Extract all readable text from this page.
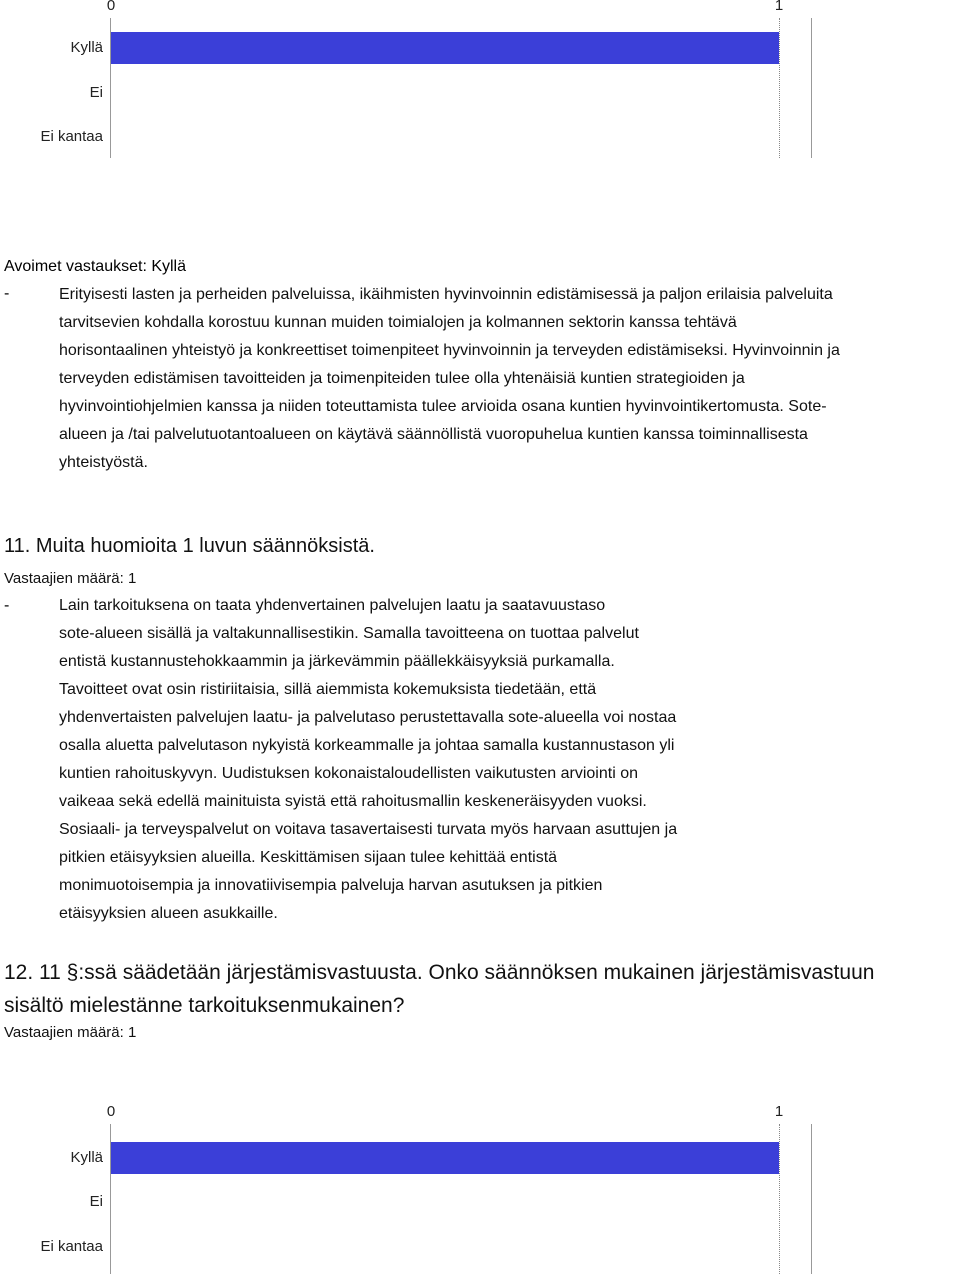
0	1
Kyllä
Ei
Ei kantaa
Avoimet vastaukset: Kyllä
-	Erityisesti lasten ja perheiden palveluissa, ikäihmisten hyvinvoinnin edistämisessä ja paljon erilaisia palveluita
tarvitsevien kohdalla korostuu kunnan muiden toimialojen ja kolmannen sektorin kanssa tehtävä
horisontaalinen yhteistyö ja konkreettiset toimenpiteet hyvinvoinnin ja terveyden edistämiseksi. Hyvinvoinnin ja
terveyden edistämisen tavoitteiden ja toimenpiteiden tulee olla yhtenäisiä kuntien strategioiden ja
hyvinvointiohjelmien kanssa ja niiden toteuttamista tulee arvioida osana kuntien hyvinvointikertomusta. Sote-
alueen ja /tai palvelutuotantoalueen on käytävä säännöllistä vuoropuhelua kuntien kanssa toiminnallisesta
yhteistyöstä.
11. Muita huomioita 1 luvun säännöksistä.
Vastaajien määrä: 1
-	Lain tarkoituksena on taata yhdenvertainen palvelujen laatu ja saatavuustaso
sote-alueen sisällä ja valtakunnallisestikin. Samalla tavoitteena on tuottaa palvelut
entistä kustannustehokkaammin ja järkevämmin päällekkäisyyksiä purkamalla.
Tavoitteet ovat osin ristiriitaisia, sillä aiemmista kokemuksista tiedetään, että
yhdenvertaisten palvelujen laatu- ja palvelutaso perustettavalla sote-alueella voi nostaa
osalla aluetta palvelutason nykyistä korkeammalle ja johtaa samalla kustannustason yli
kuntien rahoituskyvyn. Uudistuksen kokonaistaloudellisten vaikutusten arviointi on
vaikeaa sekä edellä mainituista syistä että rahoitusmallin keskeneräisyyden vuoksi.
Sosiaali- ja terveyspalvelut on voitava tasavertaisesti turvata myös harvaan asuttujen ja
pitkien etäisyyksien alueilla. Keskittämisen sijaan tulee kehittää entistä
monimuotoisempia ja innovatiivisempia palveluja harvan asutuksen ja pitkien
etäisyyksien alueen asukkaille.
12. 11 §:ssä säädetään järjestämisvastuusta. Onko säännöksen mukainen järjestämisvastuun
sisältö mielestänne tarkoituksenmukainen?
Vastaajien määrä: 1
0	1
Kyllä
Ei
Ei kantaa
